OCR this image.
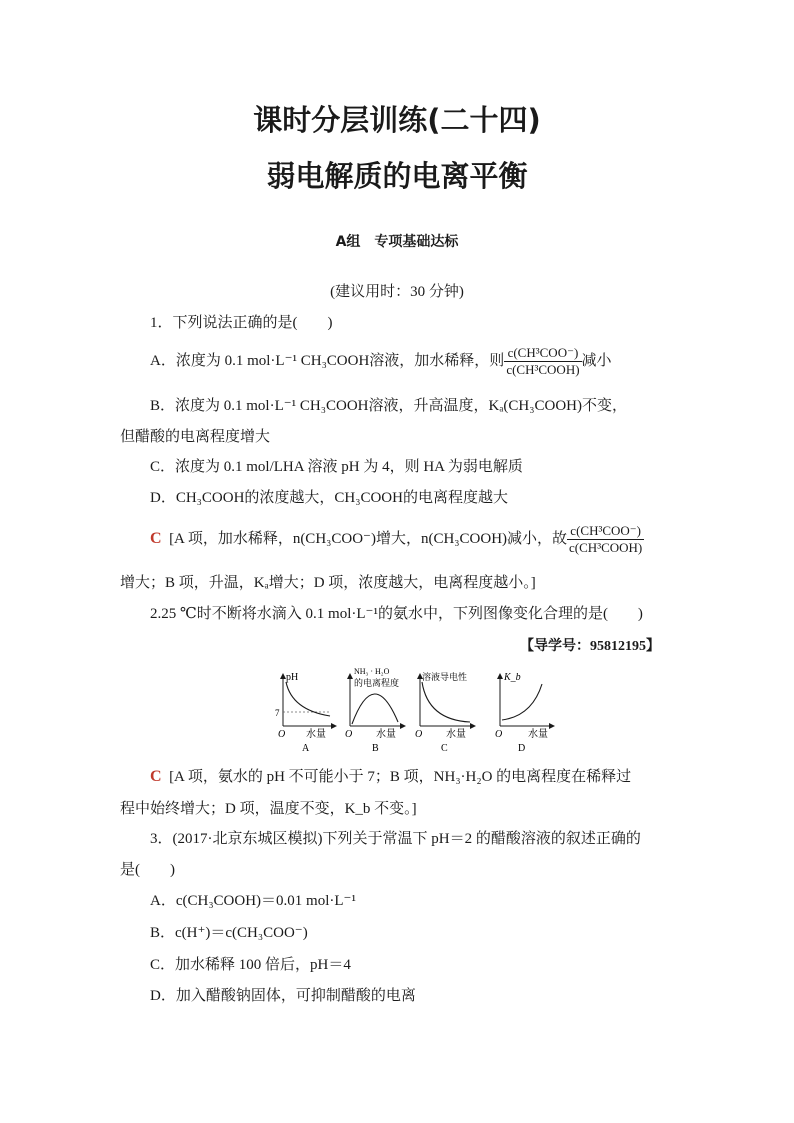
课时分层训练(二十四)
弱电解质的电离平衡
A组　专项基础达标
(建议用时：30 分钟)
1．下列说法正确的是(　　)
A．浓度为 0.1 mol·L⁻¹ CH₃COOH溶液，加水稀释，则 $\frac{\text{c(CH³COO⁻)}}{\text{c(CH³COOH)}}$ 减小
B．浓度为 0.1 mol·L⁻¹ CH₃COOH溶液，升高温度，Kₐ(CH₃COOH)不变，
但醋酸的电离程度增大
C．浓度为 0.1 mol/LHA 溶液 pH 为 4，则 HA 为弱电解质
D．CH₃COOH的浓度越大，CH₃COOH的电离程度越大
C [A 项，加水稀释，n(CH₃COO⁻)增大，n(CH₃COOH)减小，故 $\frac{\text{c(CH³COO⁻)}}{\text{c(CH³COOH)}}$
增大；B 项，升温，Kₐ增大；D 项，浓度越大，电离程度越小。]
2.25 ℃时不断将水滴入 0.1 mol·L⁻¹的氨水中，下列图像变化合理的是(　　)
【导学号：95812195】
pH
7
O 水量
A
NH₃ · H₂O
的电离程度
O 水量
B
溶液导电性
O 水量
C
K_b
O	水量
D
C [A 项，氨水的 pH 不可能小于 7；B 项，NH₃·H₂O 的电离程度在稀释过
程中始终增大；D 项，温度不变，K_b 不变。]
3．(2017·北京东城区模拟)下列关于常温下 pH＝2 的醋酸溶液的叙述正确的
是(　　)
A．c(CH₃COOH)＝0.01 mol·L⁻¹
B．c(H⁺)＝c(CH₃COO⁻)
C．加水稀释 100 倍后，pH＝4
D．加入醋酸钠固体，可抑制醋酸的电离
